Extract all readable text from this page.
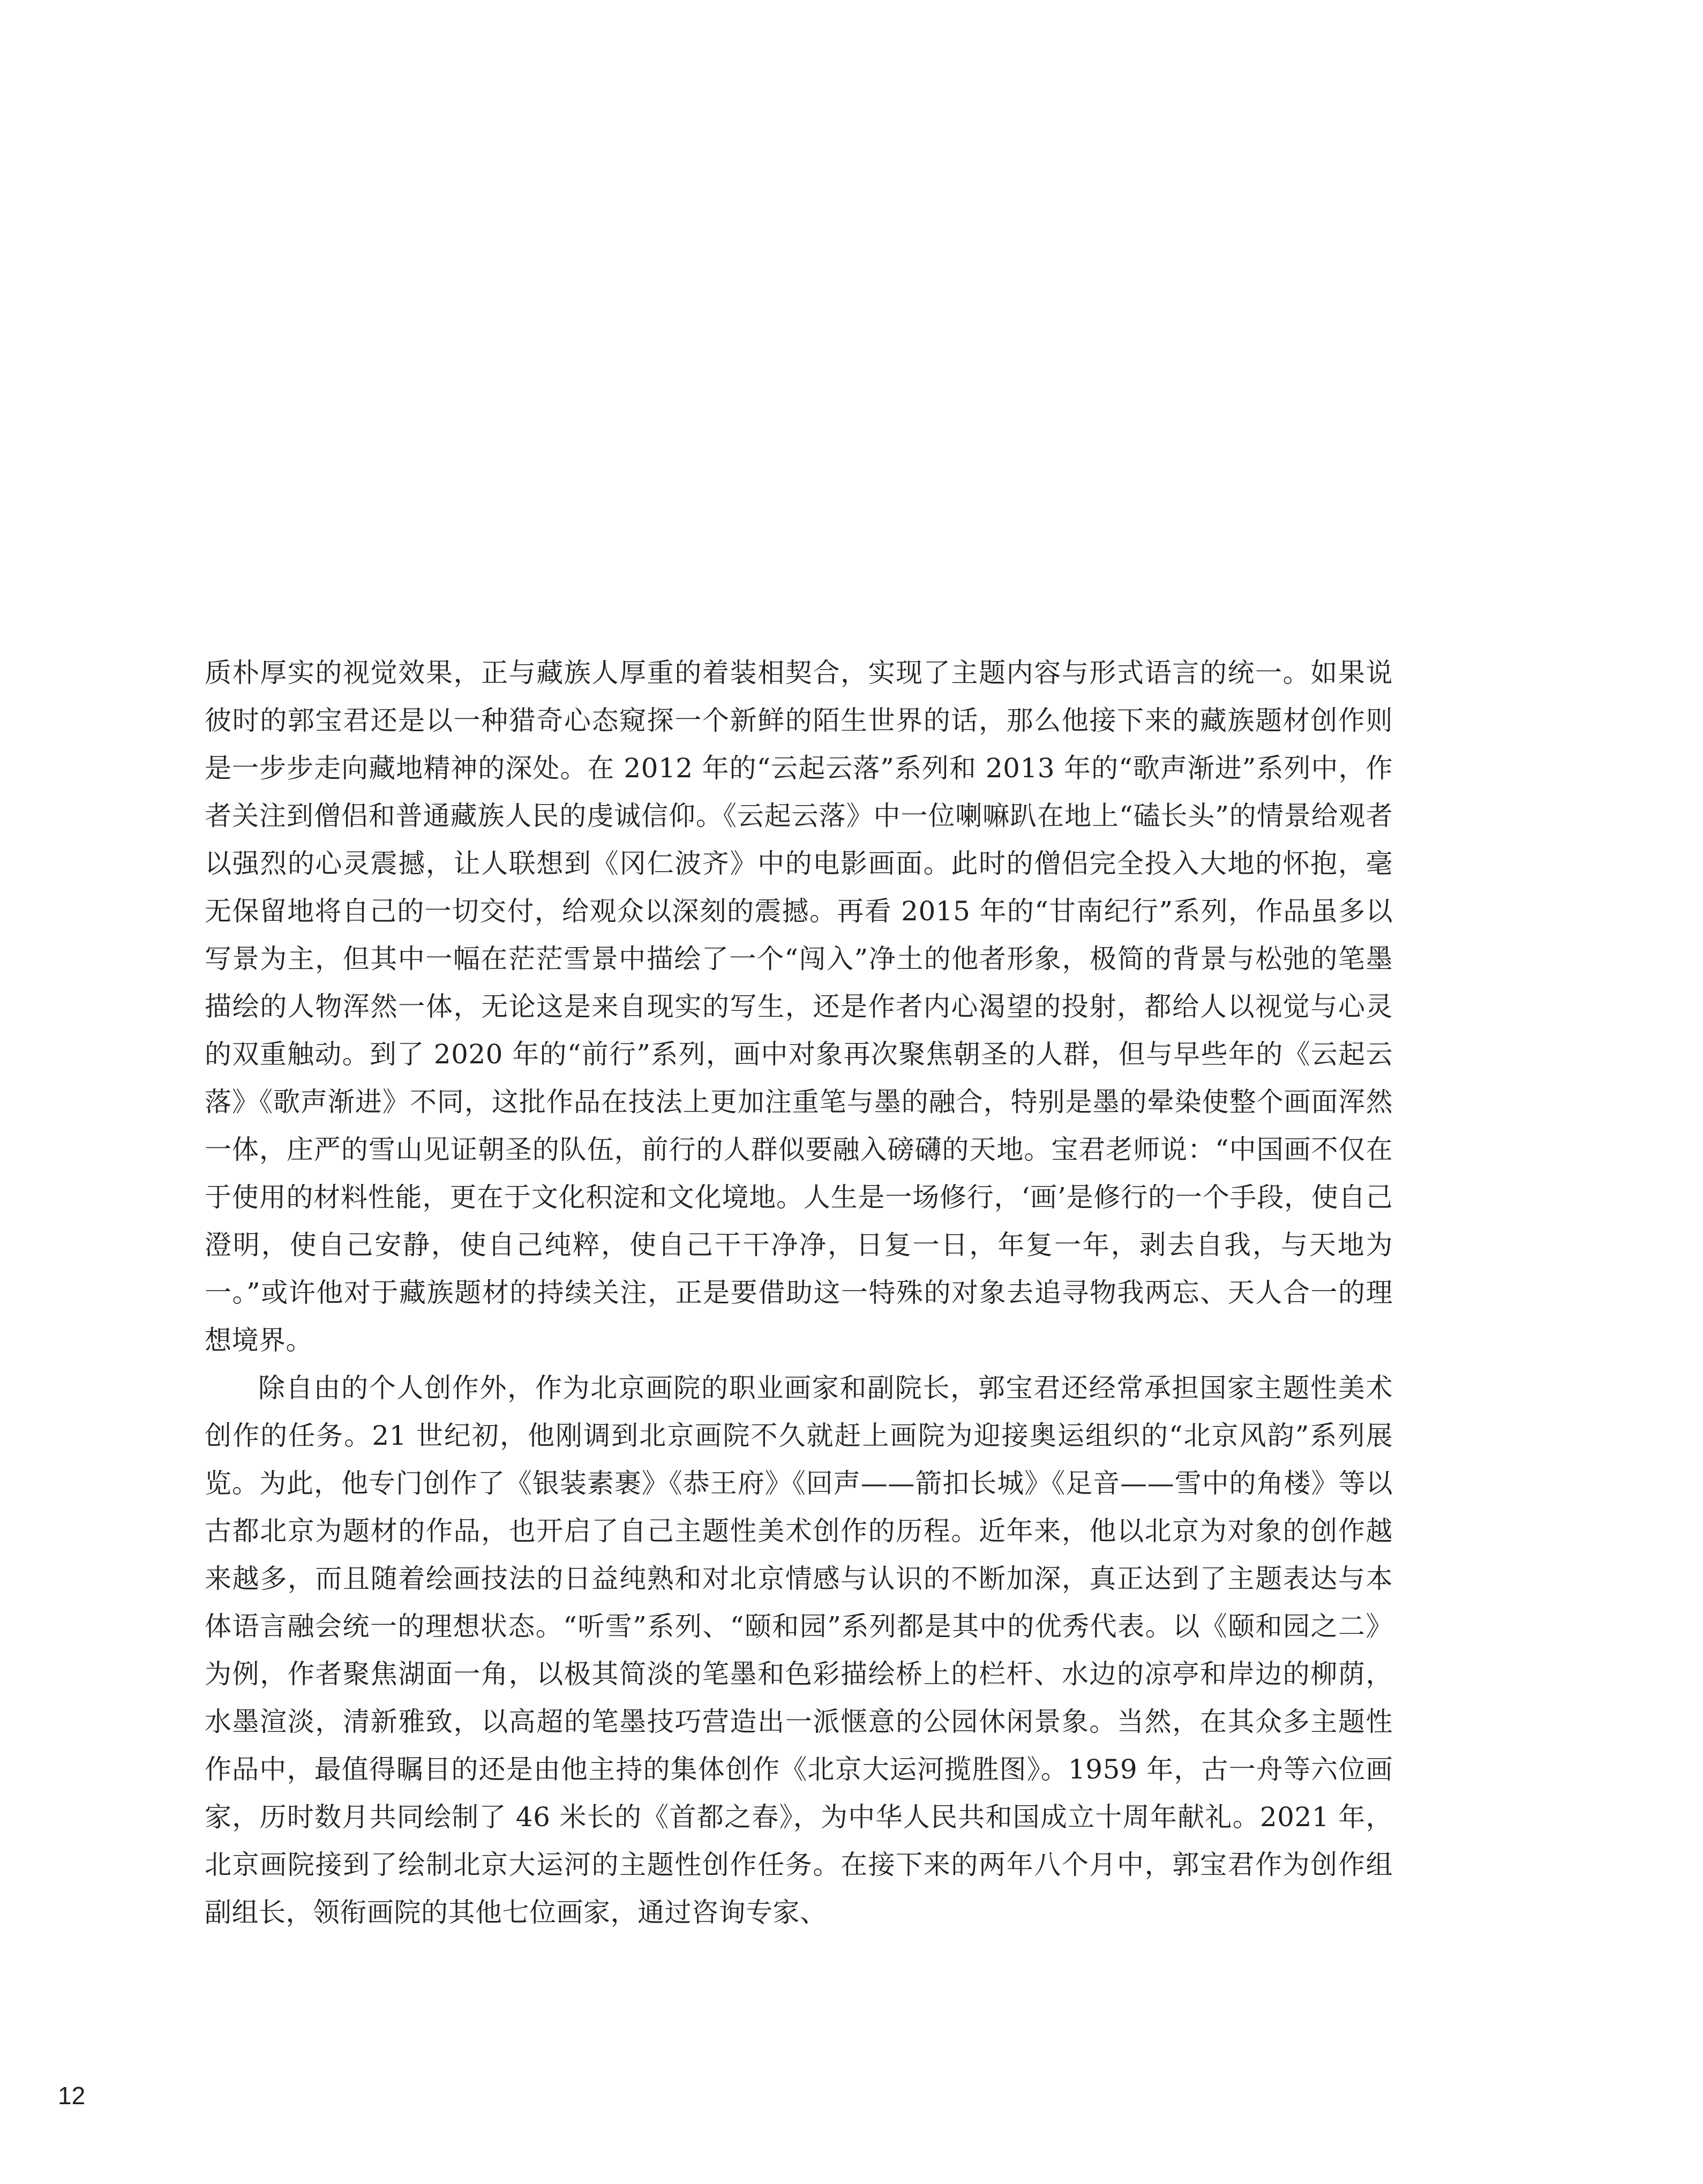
质朴厚实的视觉效果，正与藏族人厚重的着装相契合，实现了主题内容与形式语言的统一。如果说彼时的郭宝君还是以一种猎奇心态窥探一个新鲜的陌生世界的话，那么他接下来的藏族题材创作则是一步步走向藏地精神的深处。在 2012 年的“云起云落”系列和 2013 年的“歌声渐进”系列中，作者关注到僧侣和普通藏族人民的虔诚信仰。《云起云落》中一位喇嘛趴在地上“磕长头”的情景给观者以强烈的心灵震撼，让人联想到《冈仁波齐》中的电影画面。此时的僧侣完全投入大地的怀抱，毫无保留地将自己的一切交付，给观众以深刻的震撼。再看 2015 年的“甘南纪行”系列，作品虽多以写景为主，但其中一幅在茫茫雪景中描绘了一个“闯入”净土的他者形象，极简的背景与松弛的笔墨描绘的人物浑然一体，无论这是来自现实的写生，还是作者内心渴望的投射，都给人以视觉与心灵的双重触动。到了 2020 年的“前行”系列，画中对象再次聚焦朝圣的人群，但与早些年的《云起云落》《歌声渐进》不同，这批作品在技法上更加注重笔与墨的融合，特别是墨的晕染使整个画面浑然一体，庄严的雪山见证朝圣的队伍，前行的人群似要融入磅礴的天地。宝君老师说：“中国画不仅在于使用的材料性能，更在于文化积淀和文化境地。人生是一场修行，‘画’是修行的一个手段，使自己澄明，使自己安静，使自己纯粹，使自己干干净净，日复一日，年复一年，剥去自我，与天地为一。”或许他对于藏族题材的持续关注，正是要借助这一特殊的对象去追寻物我两忘、天人合一的理想境界。

除自由的个人创作外，作为北京画院的职业画家和副院长，郭宝君还经常承担国家主题性美术创作的任务。21 世纪初，他刚调到北京画院不久就赶上画院为迎接奥运组织的“北京风韵”系列展览。为此，他专门创作了《银装素裹》《恭王府》《回声——箭扣长城》《足音——雪中的角楼》等以古都北京为题材的作品，也开启了自己主题性美术创作的历程。近年来，他以北京为对象的创作越来越多，而且随着绘画技法的日益纯熟和对北京情感与认识的不断加深，真正达到了主题表达与本体语言融会统一的理想状态。“听雪”系列、“颐和园”系列都是其中的优秀代表。以《颐和园之二》为例，作者聚焦湖面一角，以极其简淡的笔墨和色彩描绘桥上的栏杆、水边的凉亭和岸边的柳荫，水墨渲淡，清新雅致，以高超的笔墨技巧营造出一派惬意的公园休闲景象。当然，在其众多主题性作品中，最值得瞩目的还是由他主持的集体创作《北京大运河揽胜图》。1959 年，古一舟等六位画家，历时数月共同绘制了 46 米长的《首都之春》，为中华人民共和国成立十周年献礼。2021 年，北京画院接到了绘制北京大运河的主题性创作任务。在接下来的两年八个月中，郭宝君作为创作组副组长，领衔画院的其他七位画家，通过咨询专家、

12
